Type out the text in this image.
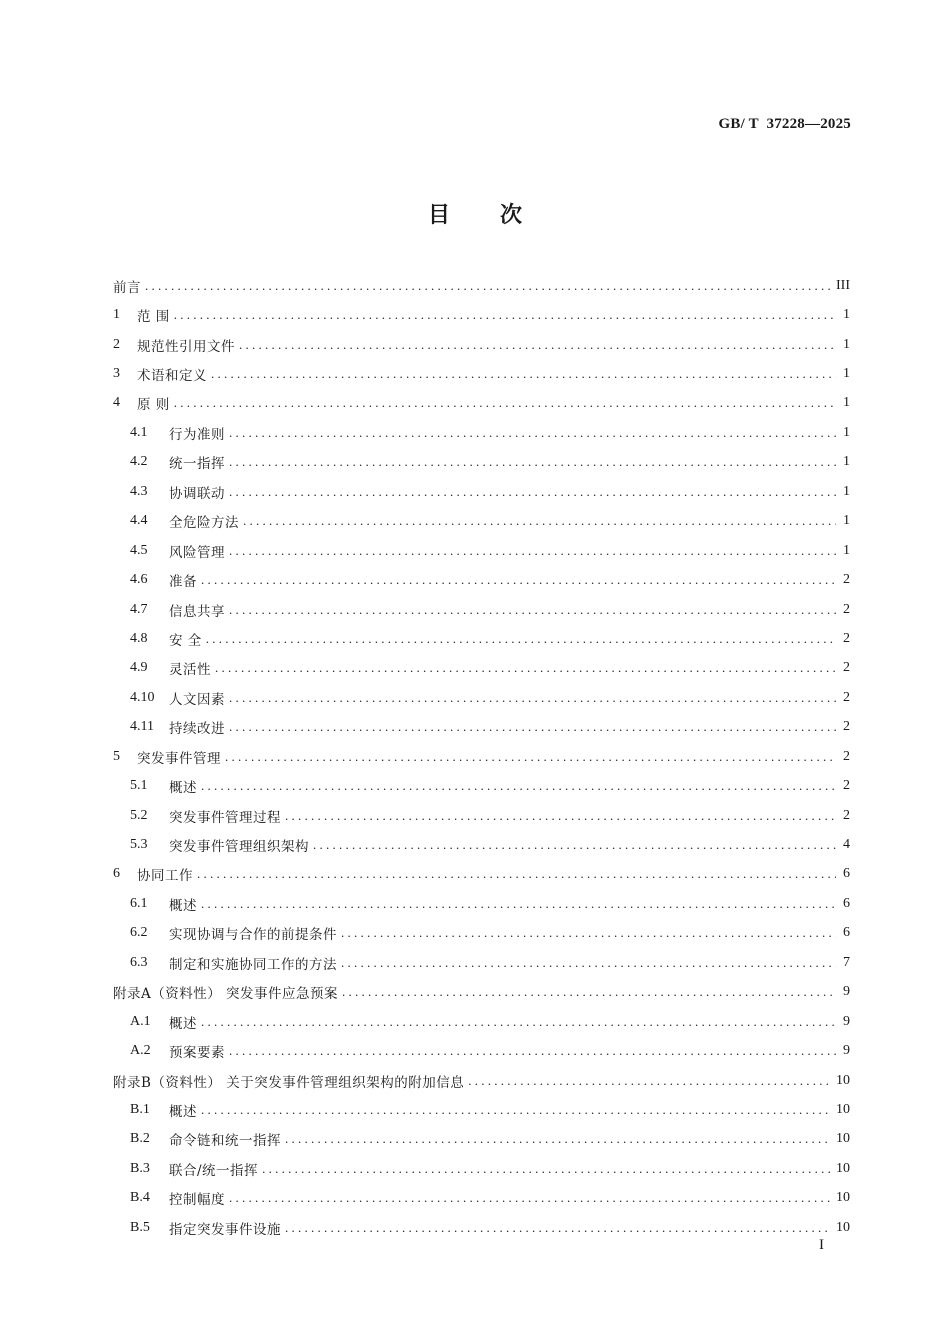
GB/ T  37228—2025
目 次
前言 . . .	III
1	范 围 . . .	1
2	规范性引用文件 . . .	1
3	术语和定义 . . .	1
4	原 则 . . .	1
4.1	行为准则 . . .	1
4.2	统一指挥 . . .	1
4.3	协调联动 . . .	1
4.4	全危险方法 . . .	1
4.5	风险管理 . . .	1
4.6	准备 . . .	2
4.7	信息共享 . . .	2
4.8	安 全 . . .	2
4.9	灵活性 . . .	2
4.10	人文因素 . . .	2
4.11	持续改进 . . .	2
5	突发事件管理 . . .	2
5.1	概述 . . .	2
5.2	突发事件管理过程 . . .	2
5.3	突发事件管理组织架构 . . .	4
6	协同工作 . . .	6
6.1	概述 . . .	6
6.2	实现协调与合作的前提条件 . . .	6
6.3	制定和实施协同工作的方法 . . .	7
附录A（资料性） 突发事件应急预案 . . .	9
A.1	概述 . . .	9
A.2	预案要素 . . .	9
附录B（资料性） 关于突发事件管理组织架构的附加信息 . . .	10
B.1	概述 . . .	10
B.2	命令链和统一指挥 . . .	10
B.3	联合/统一指挥 . . .	10
B.4	控制幅度 . . .	10
B.5	指定突发事件设施 . . .	10
I
